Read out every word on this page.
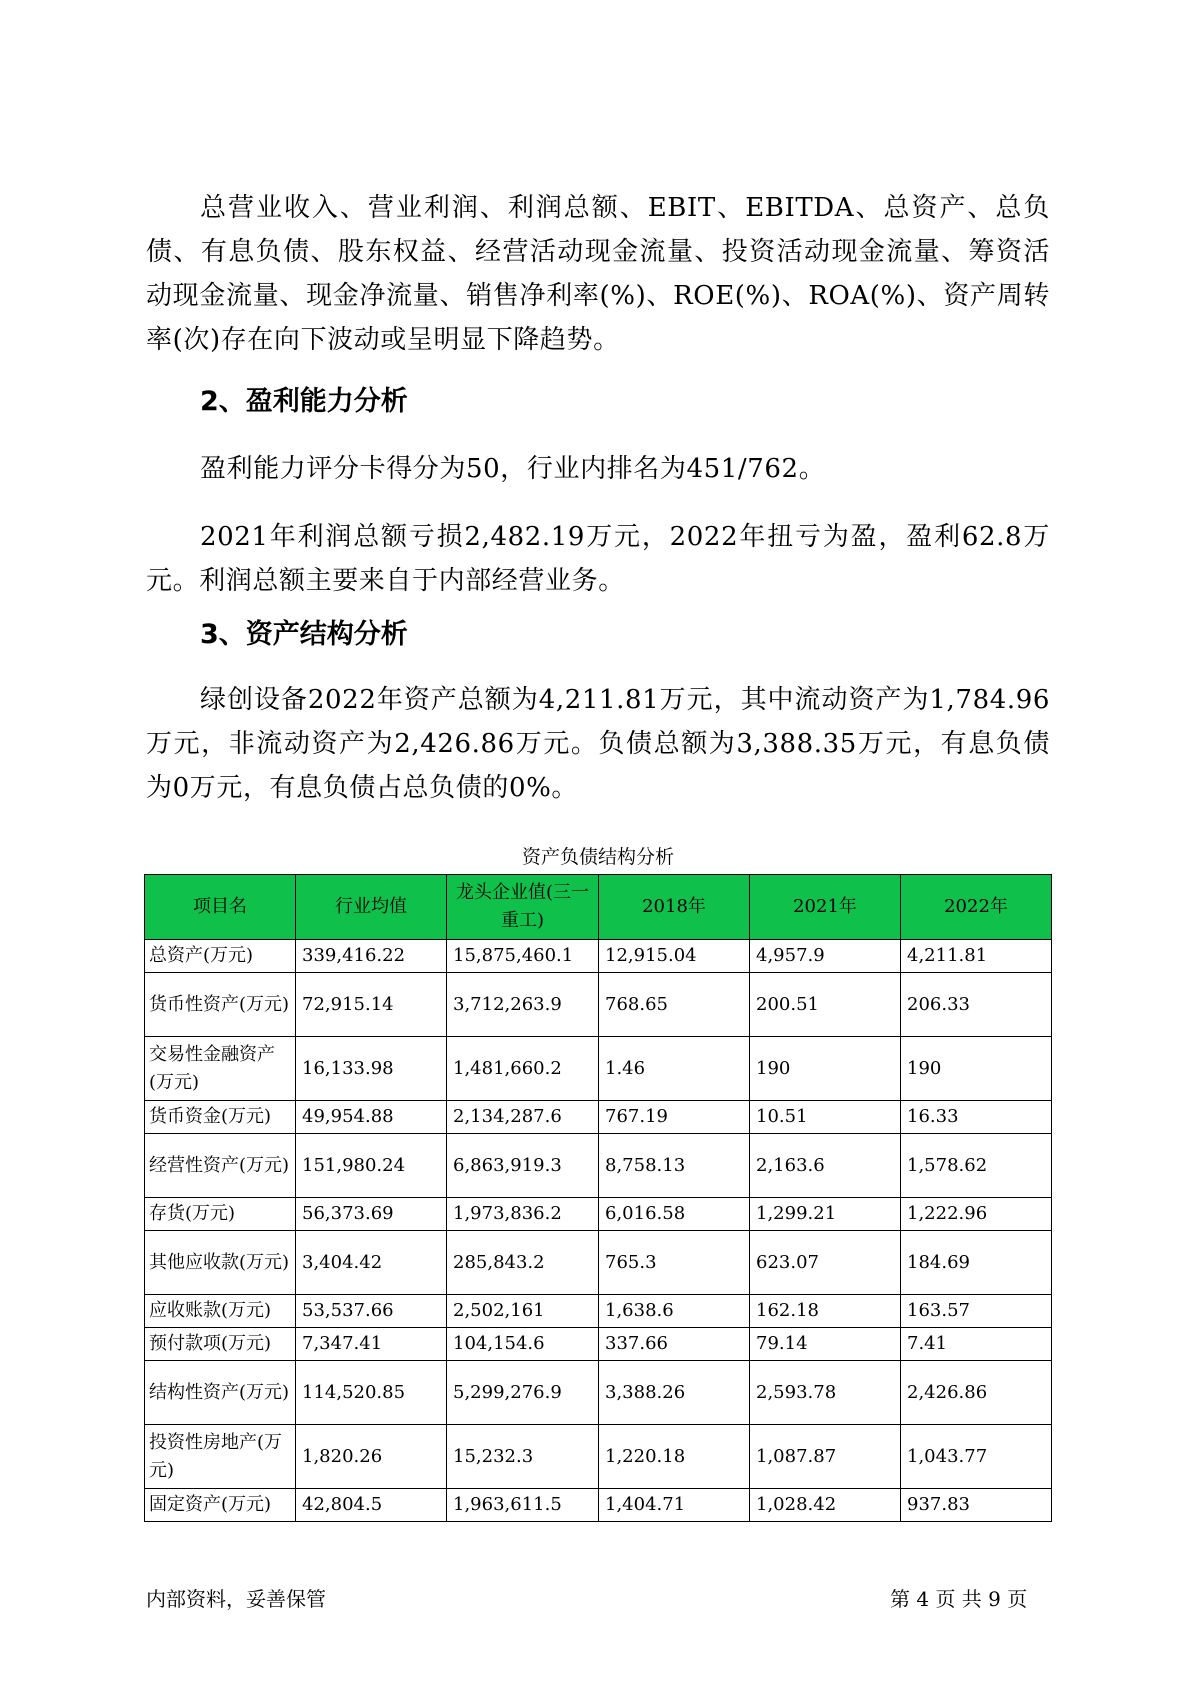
总营业收入、营业利润、利润总额、EBIT、EBITDA、总资产、总负债、有息负债、股东权益、经营活动现金流量、投资活动现金流量、筹资活动现金流量、现金净流量、销售净利率(%)、ROE(%)、ROA(%)、资产周转率(次)存在向下波动或呈明显下降趋势。

2、盈利能力分析

盈利能力评分卡得分为50，行业内排名为451/762。

2021年利润总额亏损2,482.19万元，2022年扭亏为盈，盈利62.8万元。利润总额主要来自于内部经营业务。

3、资产结构分析

绿创设备2022年资产总额为4,211.81万元，其中流动资产为1,784.96万元，非流动资产为2,426.86万元。负债总额为3,388.35万元，有息负债为0万元，有息负债占总负债的0%。

资产负债结构分析
项目名	行业均值	龙头企业值(三一重工)	2018年	2021年	2022年
总资产(万元)	339,416.22	15,875,460.1	12,915.04	4,957.9	4,211.81
货币性资产(万元)	72,915.14	3,712,263.9	768.65	200.51	206.33
交易性金融资产(万元)	16,133.98	1,481,660.2	1.46	190	190
货币资金(万元)	49,954.88	2,134,287.6	767.19	10.51	16.33
经营性资产(万元)	151,980.24	6,863,919.3	8,758.13	2,163.6	1,578.62
存货(万元)	56,373.69	1,973,836.2	6,016.58	1,299.21	1,222.96
其他应收款(万元)	3,404.42	285,843.2	765.3	623.07	184.69
应收账款(万元)	53,537.66	2,502,161	1,638.6	162.18	163.57
预付款项(万元)	7,347.41	104,154.6	337.66	79.14	7.41
结构性资产(万元)	114,520.85	5,299,276.9	3,388.26	2,593.78	2,426.86
投资性房地产(万元)	1,820.26	15,232.3	1,220.18	1,087.87	1,043.77
固定资产(万元)	42,804.5	1,963,611.5	1,404.71	1,028.42	937.83
内部资料，妥善保管	第 4 页 共 9 页
